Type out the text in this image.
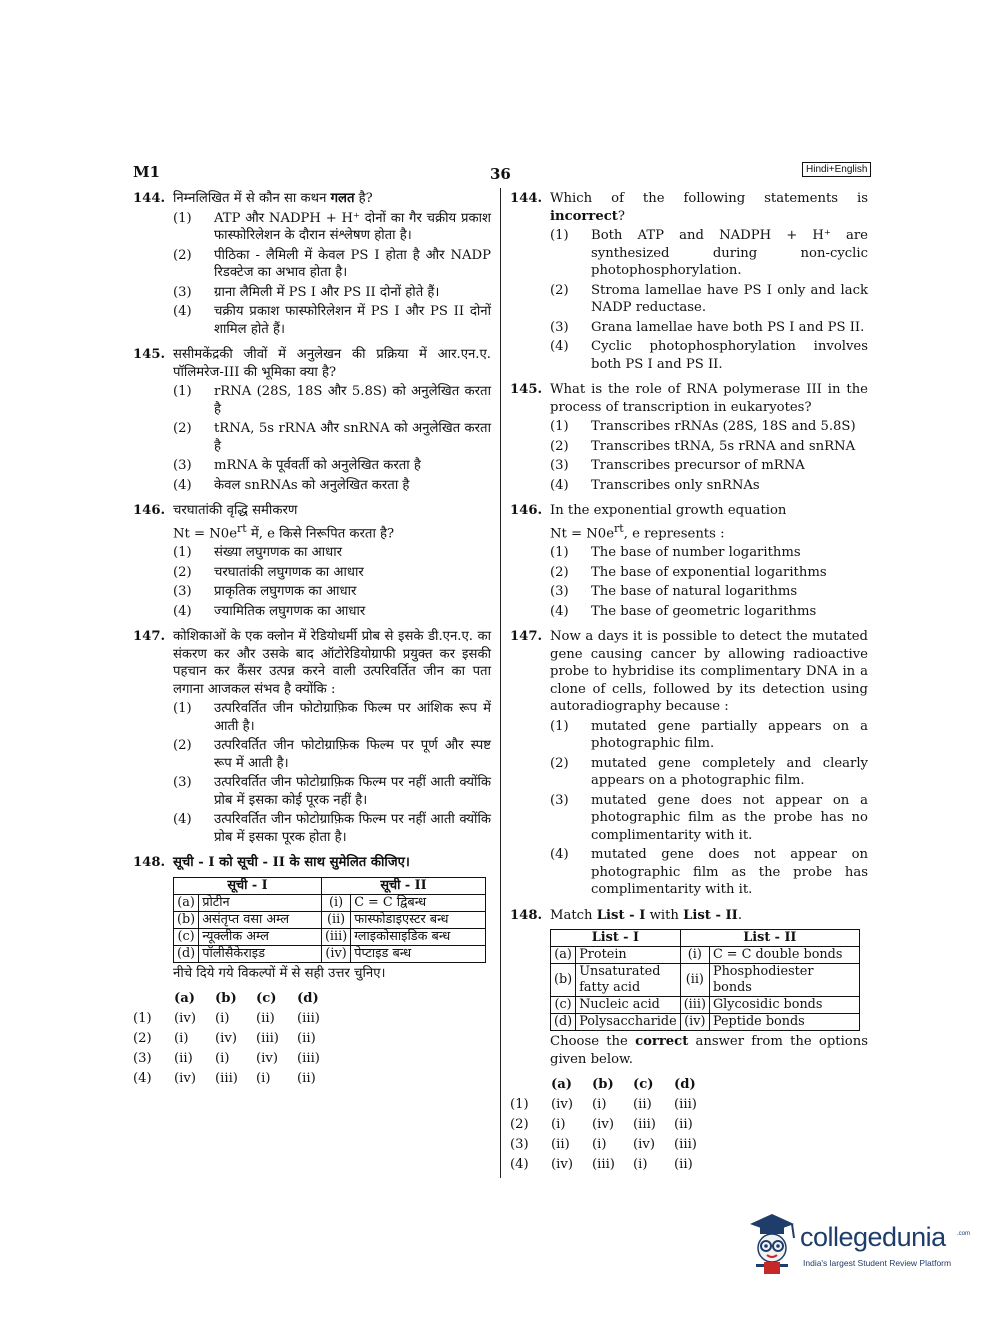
M1	36	Hindi+English
144. निम्नलिखित में से कौन सा कथन गलत है?
(1) ATP और NADPH + H⁺ दोनों का गैर चक्रीय प्रकाश फास्फोरिलेशन के दौरान संश्लेषण होता है।
(2) पीठिका - लैमिली में केवल PS I होता है और NADP रिडक्टेज का अभाव होता है।
(3) ग्राना लैमिली में PS I और PS II दोनों होते हैं।
(4) चक्रीय प्रकाश फास्फोरिलेशन में PS I और PS II दोनों शामिल होते हैं।
145. ससीमकेंद्रकी जीवों में अनुलेखन की प्रक्रिया में आर.एन.ए. पॉलिमरेज-III की भूमिका क्या है?
(1) rRNA (28S, 18S और 5.8S) को अनुलेखित करता है
(2) tRNA, 5s rRNA और snRNA को अनुलेखित करता है
(3) mRNA के पूर्ववर्ती को अनुलेखित करता है
(4) केवल snRNAs को अनुलेखित करता है
146. चरघातांकी वृद्धि समीकरण
$Nt = N0e^{rt}$ में, e किसे निरूपित करता है?
(1) संख्या लघुगणक का आधार
(2) चरघातांकी लघुगणक का आधार
(3) प्राकृतिक लघुगणक का आधार
(4) ज्यामितिक लघुगणक का आधार
147. कोशिकाओं के एक क्लोन में रेडियोधर्मी प्रोब से इसके डी.एन.ए. का संकरण कर और उसके बाद ऑटोरेडियोग्राफी प्रयुक्त कर इसकी पहचान कर कैंसर उत्पन्न करने वाली उत्परिवर्तित जीन का पता लगाना आजकल संभव है क्योंकि :
(1) उत्परिवर्तित जीन फोटोग्राफ़िक फिल्म पर आंशिक रूप में आती है।
(2) उत्परिवर्तित जीन फोटोग्राफ़िक फिल्म पर पूर्ण और स्पष्ट रूप में आती है।
(3) उत्परिवर्तित जीन फोटोग्राफ़िक फिल्म पर नहीं आती क्योंकि प्रोब में इसका कोई पूरक नहीं है।
(4) उत्परिवर्तित जीन फोटोग्राफ़िक फिल्म पर नहीं आती क्योंकि प्रोब में इसका पूरक होता है।
148. सूची - I को सूची - II के साथ सुमेलित कीजिए।
सूची - I		सूची - II	
(a)	प्रोटीन	(i)	C = C द्विबन्ध
(b)	असंतृप्त वसा अम्ल	(ii)	फास्फोडाइएस्टर बन्ध
(c)	न्यूक्लीक अम्ल	(iii)	ग्लाइकोसाइडिक बन्ध
(d)	पॉलीसैकेराइड	(iv)	पेप्टाइड बन्ध
नीचे दिये गये विकल्पों में से सही उत्तर चुनिए।
(a)	(b)	(c)	(d)
(1)	(iv)	(i)	(ii)	(iii)
(2)	(i)	(iv)	(iii)	(ii)
(3)	(ii)	(i)	(iv)	(iii)
(4)	(iv)	(iii)	(i)	(ii)
144. Which of the following statements is incorrect?
(1) Both ATP and NADPH + H⁺ are synthesized during non-cyclic photophosphorylation.
(2) Stroma lamellae have PS I only and lack NADP reductase.
(3) Grana lamellae have both PS I and PS II.
(4) Cyclic photophosphorylation involves both PS I and PS II.
145. What is the role of RNA polymerase III in the process of transcription in eukaryotes?
(1) Transcribes rRNAs (28S, 18S and 5.8S)
(2) Transcribes tRNA, 5s rRNA and snRNA
(3) Transcribes precursor of mRNA
(4) Transcribes only snRNAs
146. In the exponential growth equation
$Nt = N0e^{rt}$, e represents :
(1) The base of number logarithms
(2) The base of exponential logarithms
(3) The base of natural logarithms
(4) The base of geometric logarithms
147. Now a days it is possible to detect the mutated gene causing cancer by allowing radioactive probe to hybridise its complimentary DNA in a clone of cells, followed by its detection using autoradiography because :
(1) mutated gene partially appears on a photographic film.
(2) mutated gene completely and clearly appears on a photographic film.
(3) mutated gene does not appear on a photographic film as the probe has no complimentarity with it.
(4) mutated gene does not appear on photographic film as the probe has complimentarity with it.
148. Match List - I with List - II.
List - I		List - II	
(a)	Protein	(i)	C = C double bonds
(b)	Unsaturated fatty acid	(ii)	Phosphodiester bonds
(c)	Nucleic acid	(iii)	Glycosidic bonds
(d)	Polysaccharide	(iv)	Peptide bonds
Choose the correct answer from the options given below.
(a)	(b)	(c)	(d)
(1)	(iv)	(i)	(ii)	(iii)
(2)	(i)	(iv)	(iii)	(ii)
(3)	(ii)	(i)	(iv)	(iii)
(4)	(iv)	(iii)	(i)	(ii)
collegedunia .com
India's largest Student Review Platform
